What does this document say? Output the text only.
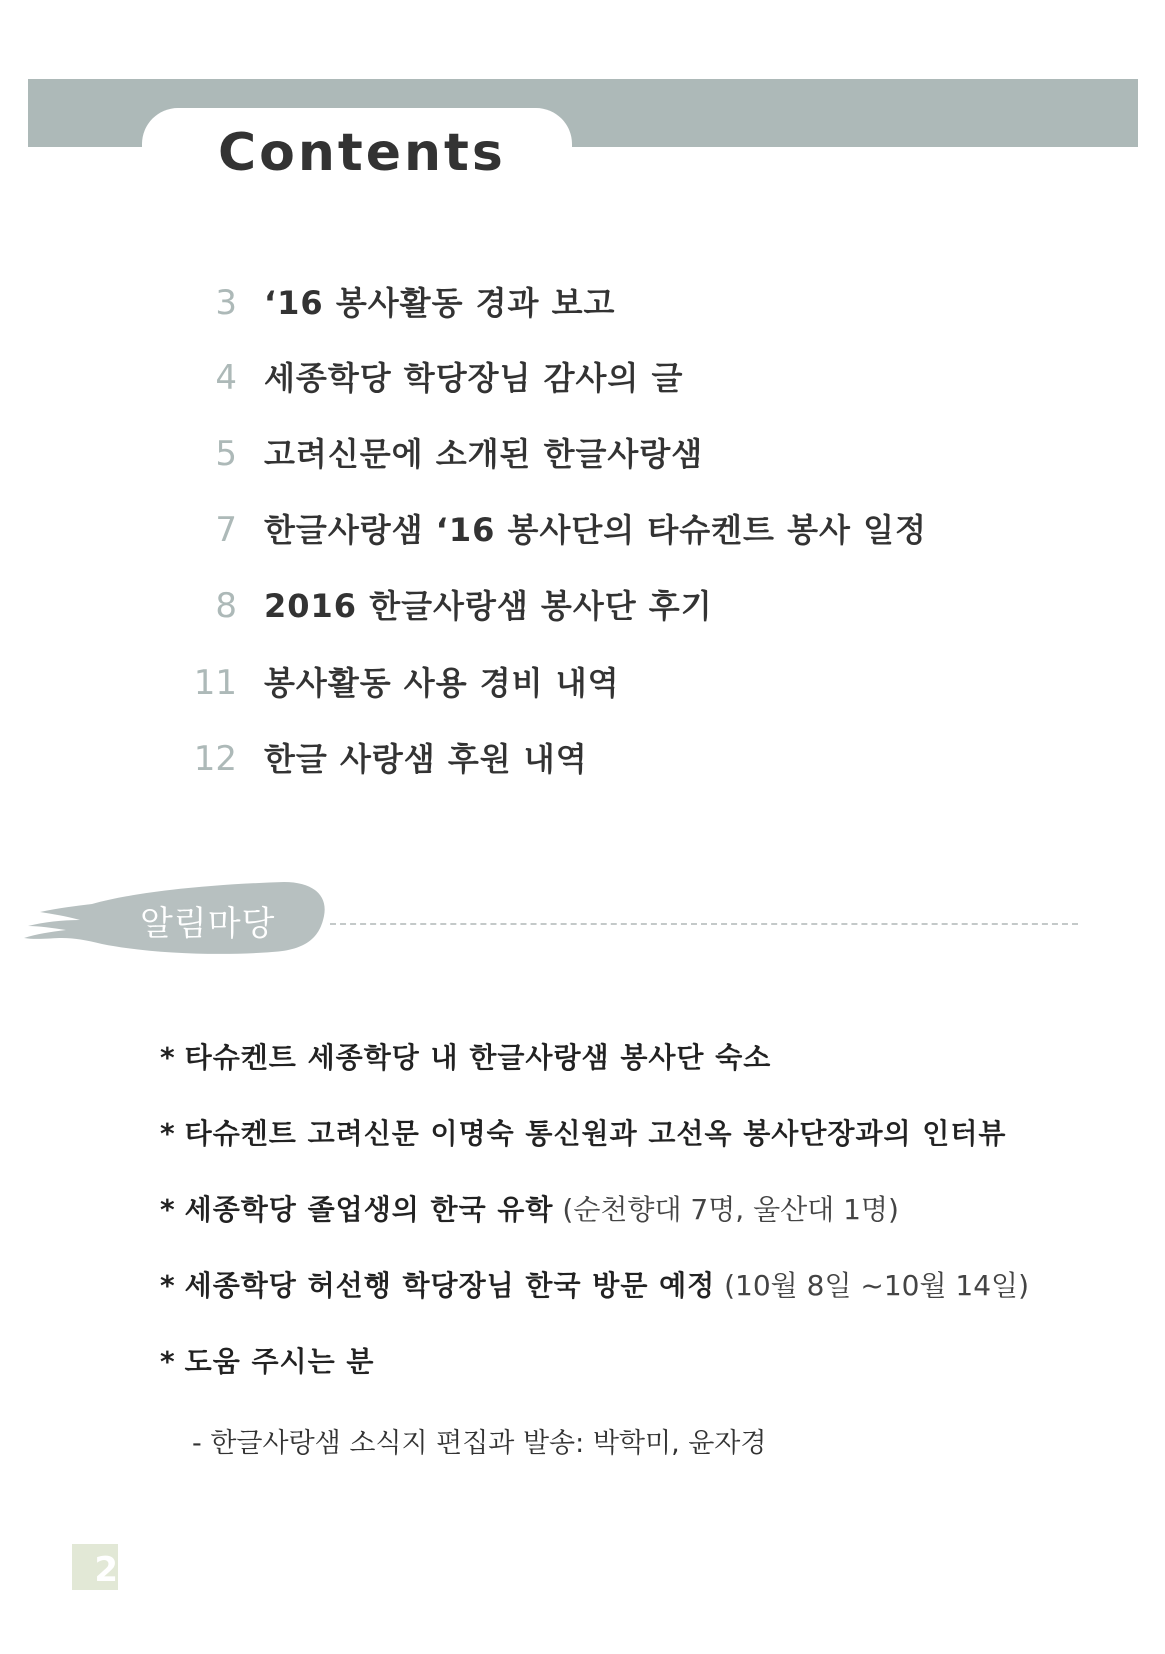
Contents
3 ‘16 봉사활동 경과 보고
4 세종학당 학당장님 감사의 글
5 고려신문에 소개된 한글사랑샘
7 한글사랑샘 ‘16 봉사단의 타슈켄트 봉사 일정
8 2016 한글사랑샘 봉사단 후기
11 봉사활동 사용 경비 내역
12 한글 사랑샘 후원 내역
알림마당
* 타슈켄트 세종학당 내 한글사랑샘 봉사단 숙소
* 타슈켄트 고려신문 이명숙 통신원과 고선옥 봉사단장과의 인터뷰
* 세종학당 졸업생의 한국 유학 (순천향대 7명, 울산대 1명)
* 세종학당 허선행 학당장님 한국 방문 예정 (10월 8일 ~10월 14일)
* 도움 주시는 분
- 한글사랑샘 소식지 편집과 발송: 박학미, 윤자경
2
